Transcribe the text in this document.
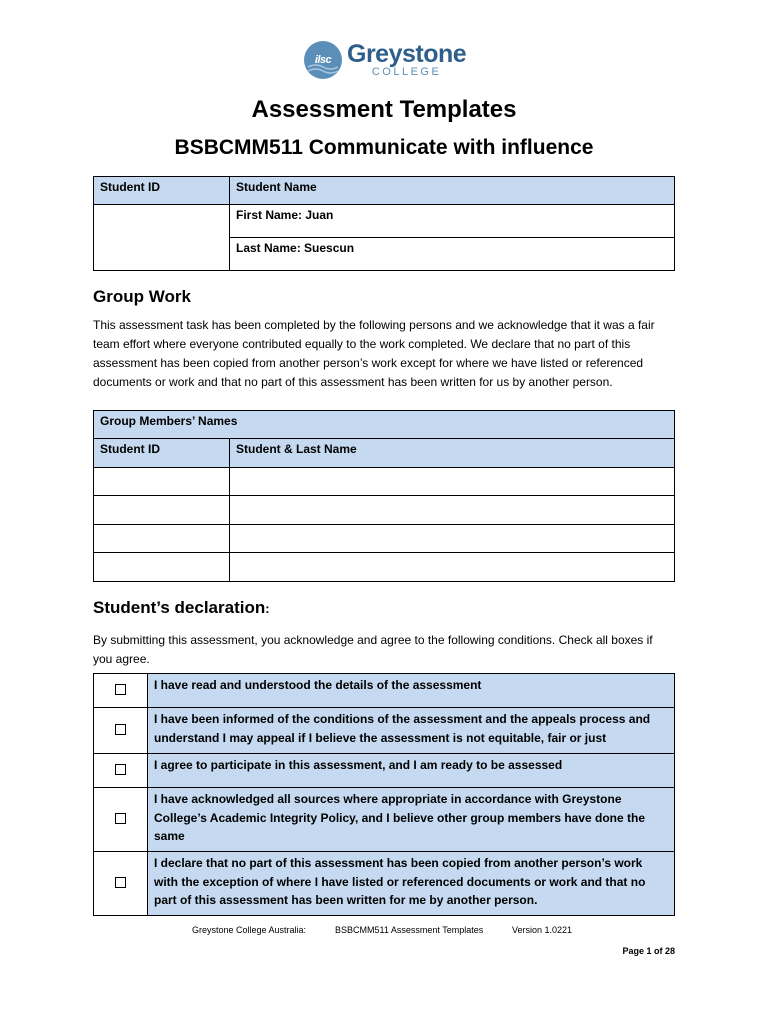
ilsc Greystone
COLLEGE
Assessment Templates
BSBCMM511 Communicate with influence
Student ID	Student Name
	First Name: Juan
	Last Name: Suescun
Group Work

This assessment task has been completed by the following persons and we acknowledge that it was a fair team effort where everyone contributed equally to the work completed. We declare that no part of this assessment has been copied from another person’s work except for where we have listed or referenced documents or work and that no part of this assessment has been written for us by another person.

Group Members’ Names	
Student ID	Student & Last Name

Student’s declaration:

By submitting this assessment, you acknowledge and agree to the following conditions. Check all boxes if you agree.

	I have read and understood the details of the assessment
	I have been informed of the conditions of the assessment and the appeals process and understand I may appeal if I believe the assessment is not equitable, fair or just
	I agree to participate in this assessment, and I am ready to be assessed
	I have acknowledged all sources where appropriate in accordance with Greystone College’s Academic Integrity Policy, and I believe other group members have done the same
	I declare that no part of this assessment has been copied from another person’s work with the exception of where I have listed or referenced documents or work and that no part of this assessment has been written for me by another person.
Greystone College Australia:	BSBCMM511 Assessment Templates	Version 1.0221
Page 1 of 28
